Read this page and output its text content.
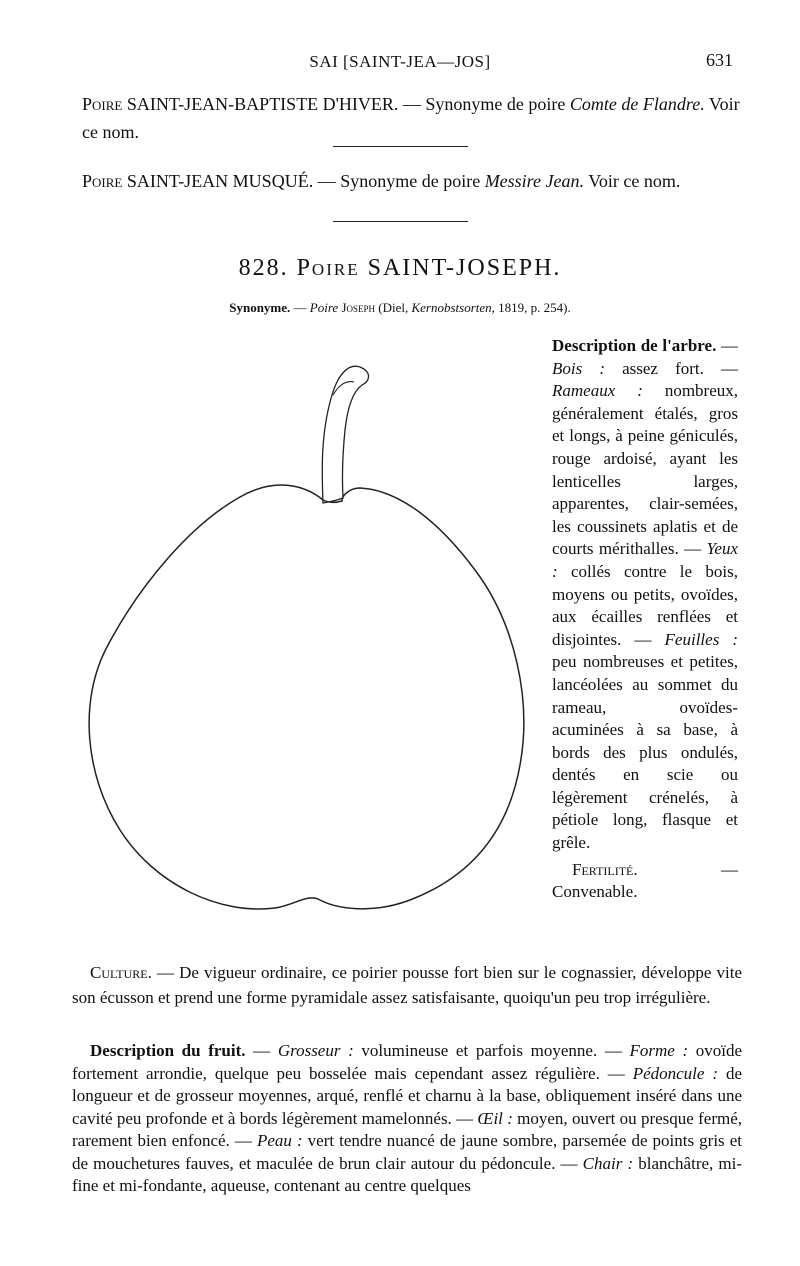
SAI [SAINT-JEA—JOS]	631
Poire SAINT-JEAN-BAPTISTE D'HIVER. — Synonyme de poire Comte de Flandre. Voir ce nom.
Poire SAINT-JEAN MUSQUÉ. — Synonyme de poire Messire Jean. Voir ce nom.
828. Poire SAINT-JOSEPH.
Synonyme. — Poire Joseph (Diel, Kernobstsorten, 1819, p. 254).

Description de l'arbre. — Bois : assez fort. — Rameaux : nombreux, généralement étalés, gros et longs, à peine géniculés, rouge ardoisé, ayant les lenticelles larges, apparentes, clair-semées, les coussinets aplatis et de courts mérithalles. — Yeux : collés contre le bois, moyens ou petits, ovoïdes, aux écailles renflées et disjointes. — Feuilles : peu nombreuses et petites, lancéolées au sommet du rameau, ovoïdes-acuminées à sa base, à bords des plus ondulés, dentés en scie ou légèrement crénelés, à pétiole long, flasque et grêle.

Fertilité.	— Convenable.

Culture. — De vigueur ordinaire, ce poirier pousse fort bien sur le cognassier, développe vite son écusson et prend une forme pyramidale assez satisfaisante, quoiqu'un peu trop irrégulière.

Description du fruit. — Grosseur : volumineuse et parfois moyenne. — Forme : ovoïde fortement arrondie, quelque peu bosselée mais cependant assez régulière. — Pédoncule : de longueur et de grosseur moyennes, arqué, renflé et charnu à la base, obliquement inséré dans une cavité peu profonde et à bords légèrement mamelonnés. — Œil : moyen, ouvert ou presque fermé, rarement bien enfoncé. — Peau : vert tendre nuancé de jaune sombre, parsemée de points gris et de mouchetures fauves, et maculée de brun clair autour du pédoncule. — Chair : blanchâtre, mi-fine et mi-fondante, aqueuse, contenant au centre quelques
